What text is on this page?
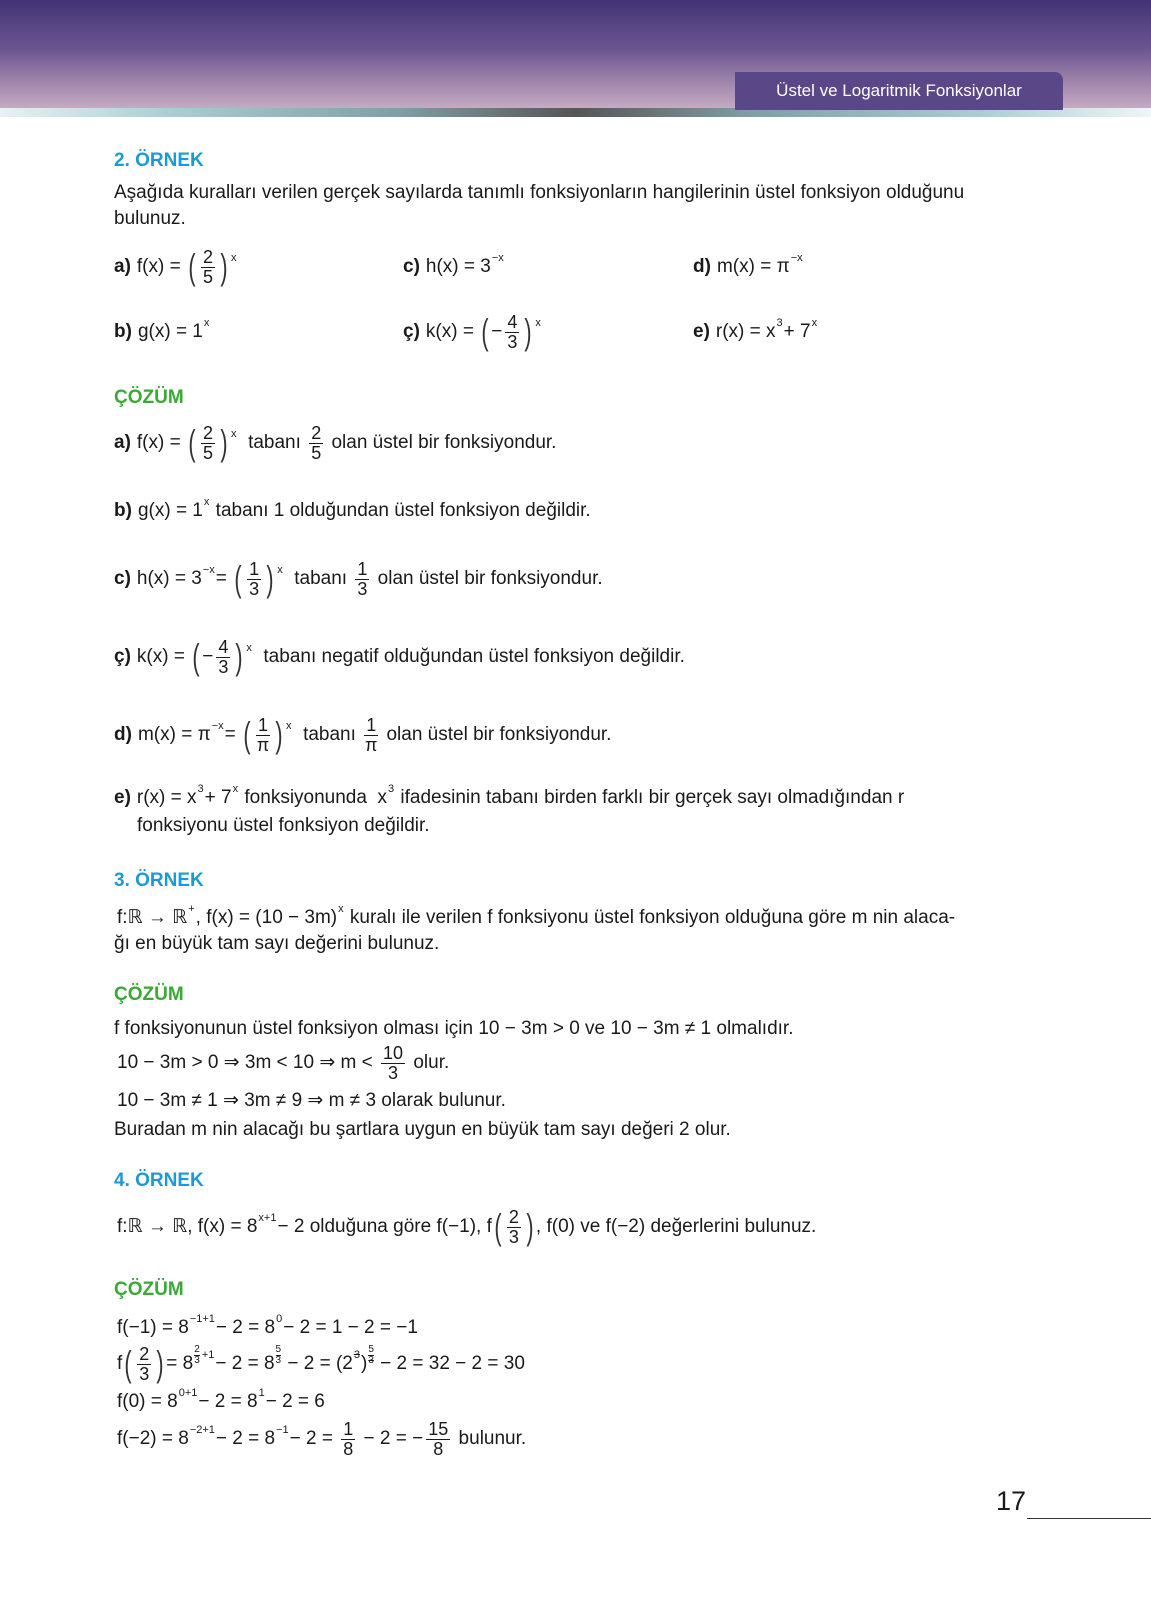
Üstel ve Logaritmik Fonksiyonlar
2. ÖRNEK
Aşağıda kuralları verilen gerçek sayılarda tanımlı fonksiyonların hangilerinin üstel fonksiyon olduğunu
bulunuz.
a) f(x) = ( $\frac{2}{5}$ ) x	c) h(x) = 3 −x	d) m(x) = π −x
b) g(x) = 1 x	ç) k(x) = ( − $\frac{4}{3}$ ) x	e) r(x) = x 3 + 7 x
ÇÖZÜM
a) f(x) = ( $\frac{2}{5}$ ) x tabanı $\frac{2}{5}$ olan üstel bir fonksiyondur.
b) g(x) = 1 x tabanı 1 olduğundan üstel fonksiyon değildir.
c) h(x) = 3 −x = ( $\frac{1}{3}$ ) x tabanı $\frac{1}{3}$ olan üstel bir fonksiyondur.
ç) k(x) = ( − $\frac{4}{3}$ ) x tabanı negatif olduğundan üstel fonksiyon değildir.
d) m(x) = π −x = ( $\frac{1}{\pi}$ ) x tabanı $\frac{1}{\pi}$ olan üstel bir fonksiyondur.
e) r(x) = x 3 + 7 x fonksiyonunda  x 3 ifadesinin tabanı birden farklı bir gerçek sayı olmadığından r
fonksiyonu üstel fonksiyon değildir.
3. ÖRNEK
f:ℝ → ℝ + , f(x) = (10 − 3m) x kuralı ile verilen f fonksiyonu üstel fonksiyon olduğuna göre m nin alaca-
ğı en büyük tam sayı değerini bulunuz.
ÇÖZÜM
f fonksiyonunun üstel fonksiyon olması için 10 − 3m > 0 ve 10 − 3m ≠ 1 olmalıdır.
10 − 3m > 0 ⇒ 3m < 10 ⇒ $m < \frac{10}{3}$ olur.
10 − 3m ≠ 1 ⇒ 3m ≠ 9 ⇒ m ≠ 3 olarak bulunur.
Buradan m nin alacağı bu şartlara uygun en büyük tam sayı değeri 2 olur.
4. ÖRNEK
f:ℝ → ℝ, f(x) = 8 x+1 − 2 olduğuna göre f(−1), f ( $\frac{2}{3}$ ) , f(0) ve f(−2) değerlerini bulunuz.
ÇÖZÜM
f(−1) = 8 −1+1 − 2 = 8 0 − 2 = 1 − 2 = −1
f ( $\frac{2}{3}$ ) = $8 \frac{2}{3} +1 - 2 = 8 \frac{5}{3} - 2 = (2$ 3 ) $\frac{5}{3} - 2 = 32 - 2 = 30$
f(0) = 8 0+1 − 2 = 8 1 − 2 = 6
$f(-2) = 8 -2+1 - 2 = 8 -1 - 2 = \frac{1}{8} - 2$ = − $\frac{15}{8}$ bulunur.
17
